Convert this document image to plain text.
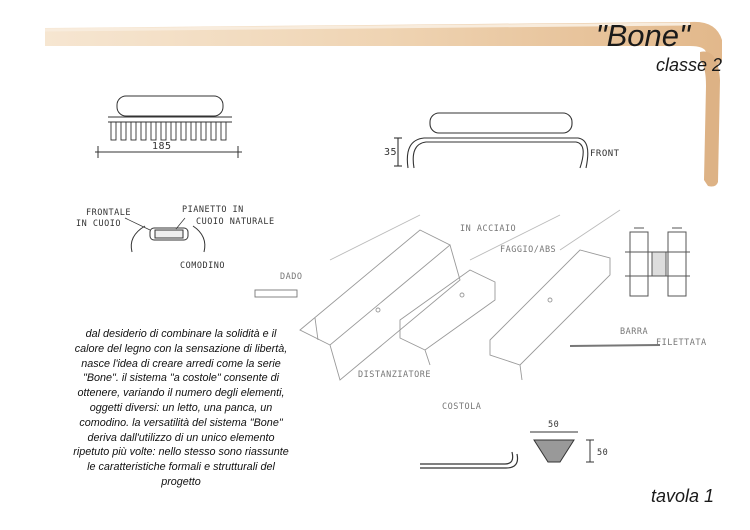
"Bone"
classe 2
185
35	FRONT
FRONTALE
IN CUOIO
PIANETTO IN
CUOIO NATURALE
COMODINO
DADO
IN ACCIAIO
FAGGIO/ABS
BARRA
FILETTATA
DISTANZIATORE
COSTOLA
50
50

dal desiderio di combinare la solidità e il calore del legno con la sensazione di libertà, nasce l'idea di creare arredi come la serie "Bone". il sistema "a costole" consente di ottenere, variando il numero degli elementi, oggetti diversi: un letto, una panca, un comodino. la versatilità del sistema "Bone" deriva dall'utilizzo di un unico elemento ripetuto più volte: nello stesso sono riassunte le caratteristiche formali e strutturali del progetto

tavola 1
